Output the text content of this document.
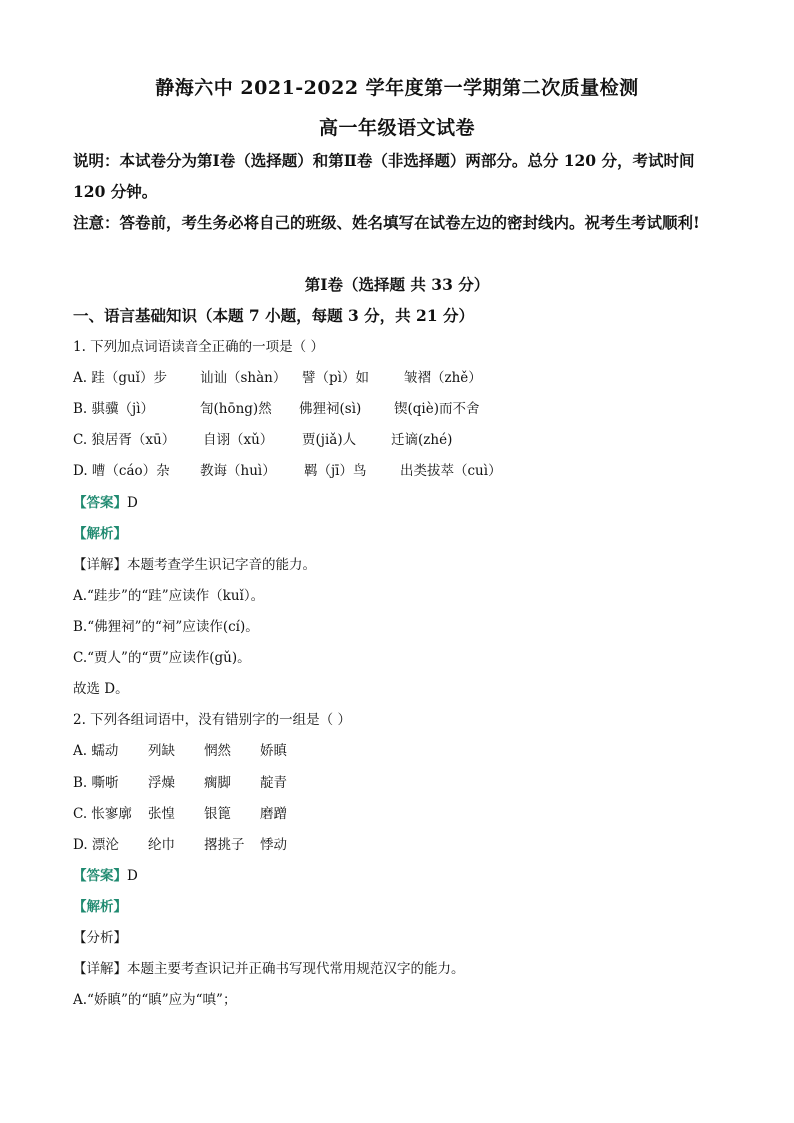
静海六中 2021-2022 学年度第一学期第二次质量检测
高一年级语文试卷
说明：本试卷分为第Ⅰ卷（选择题）和第Ⅱ卷（非选择题）两部分。总分 120 分，考试时间 120 分钟。
注意：答卷前，考生务必将自己的班级、姓名填写在试卷左边的密封线内。祝考生考试顺利!
第Ⅰ卷（选择题 共 33 分）
一、语言基础知识（本题 7 小题，每题 3 分，共 21 分）
1. 下列加点词语读音全正确的一项是（ ）
A. 跬（guǐ）步 讪讪（shàn） 譬（pì）如	皱褶（zhě）
B. 骐骥（jì）	訇(hōng)然 佛狸祠(sì) 锲(qiè)而不舍
C. 狼居胥（xū） 自诩（xǔ） 贾(jiǎ)人	迁谪(zhé)
D. 嘈（cáo）杂 教诲（huì） 羁（jī）鸟 出类拔萃（cuì）
【答案】D
【解析】
【详解】本题考查学生识记字音的能力。
A.“跬步”的“跬”应读作（kuǐ）。
B.“佛狸祠”的“祠”应读作(cí)。
C.“贾人”的“贾”应读作(gǔ)。
故选 D。
2. 下列各组词语中，没有错别字的一组是（ ）
A. 蠕动 列缺 惘然 娇瞋
B. 嘶哳 浮燥 瘸脚 靛青
C. 怅寥廓 张惶 银篦 磨蹭
D. 漂沦 纶巾 撂挑子 悸动
【答案】D
【解析】
【分析】
【详解】本题主要考查识记并正确书写现代常用规范汉字的能力。
A.“娇瞋”的“瞋”应为“嗔”；
